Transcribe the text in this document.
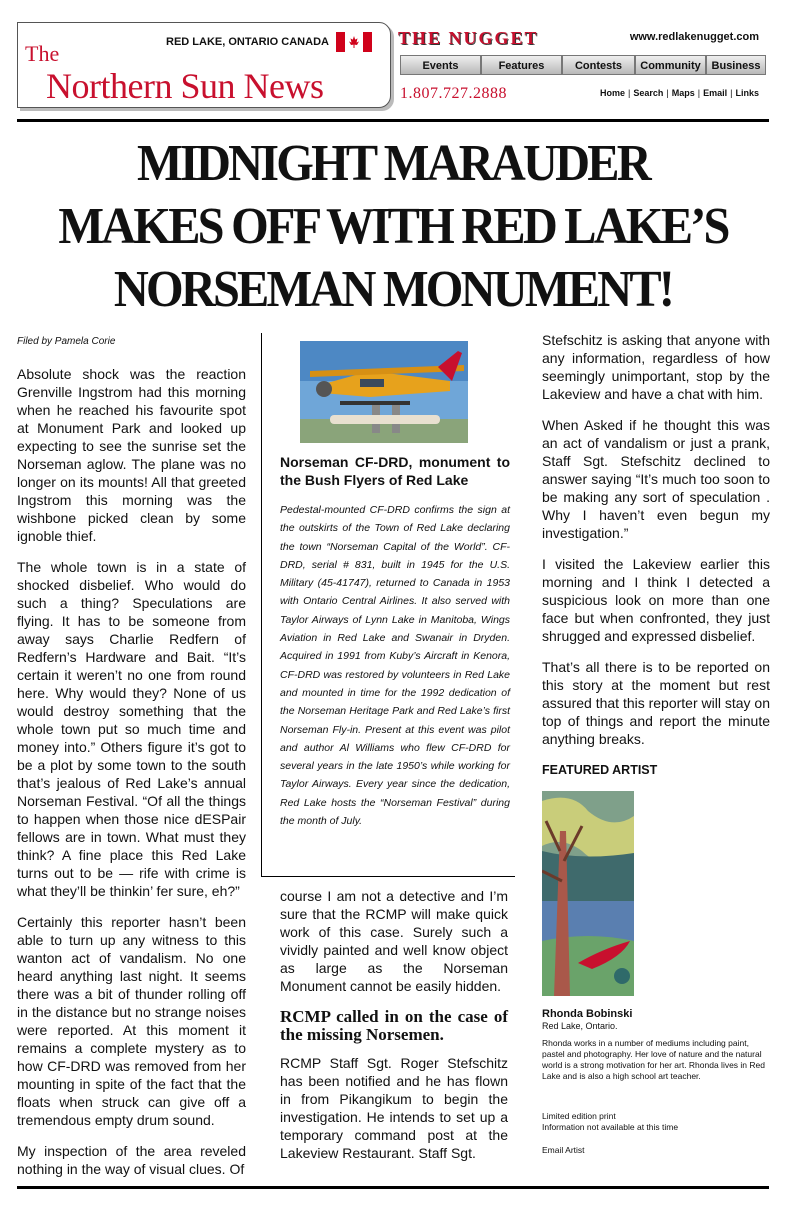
RED LAKE, ONTARIO CANADA
The
Northern Sun News
THE NUGGET	www.redlakenugget.com
Events	Features	Contests	Community Business
1.807.727.2888	Home | Search | Maps | Email | Links
MIDNIGHT MARAUDER
MAKES OFF WITH RED LAKE’S
NORSEMAN MONUMENT!

Filed by Pamela Corie

Absolute shock was the reaction Grenville Ingstrom had this morning when he reached his favourite spot at Monument Park and looked up expecting to see the sunrise set the Norseman aglow. The plane was no longer on its mounts! All that greeted Ingstrom this morning was the wishbone picked clean by some ignoble thief.

The whole town is in a state of shocked disbelief. Who would do such a thing? Speculations are flying. It has to be someone from away says Charlie Redfern of Redfern’s Hardware and Bait. “It’s certain it weren’t no one from round here. Why would they? None of us would destroy something that the whole town put so much time and money into.” Others figure it’s got to be a plot by some town to the south that’s jealous of Red Lake’s annual Norseman Festival. “Of all the things to happen when those nice dESPair fellows are in town. What must they think? A fine place this Red Lake turns out to be — rife with crime is what they’ll be thinkin’ fer sure, eh?”

Certainly this reporter hasn’t been able to turn up any witness to this wanton act of vandalism. No one heard anything last night. It seems there was a bit of thunder rolling off in the distance but no strange noises were reported. At this moment it remains a complete mystery as to how CF-DRD was removed from her mounting in spite of the fact that the floats when struck can give off a tremendous empty drum sound.

My inspection of the area reveled nothing in the way of visual clues. Of

Norseman CF-DRD, monument to the Bush Flyers of Red Lake
Pedestal-mounted CF-DRD confirms the sign at the outskirts of the Town of Red Lake declaring the town “Norseman Capital of the World”. CF-DRD, serial # 831, built in 1945 for the U.S. Military (45-41747), returned to Canada in 1953 with Ontario Central Airlines. It also served with Taylor Airways of Lynn Lake in Manitoba, Wings Aviation in Red Lake and Swanair in Dryden. Acquired in 1991 from Kuby’s Aircraft in Kenora, CF-DRD was restored by volunteers in Red Lake and mounted in time for the 1992 dedication of the Norseman Heritage Park and Red Lake’s first Norseman Fly-in. Present at this event was pilot and author Al Williams who flew CF-DRD for several years in the late 1950’s while working for Taylor Airways. Every year since the dedication, Red Lake hosts the “Norseman Festival” during the month of July.

course I am not a detective and I’m sure that the RCMP will make quick work of this case. Surely such a vividly painted and well know object as large as the Norseman Monument cannot be easily hidden.

RCMP called in on the case of the missing Norsemen.

RCMP Staff Sgt. Roger Stefschitz has been notified and he has flown in from Pikangikum to begin the investigation. He intends to set up a temporary command post at the Lakeview Restaurant. Staff Sgt.

Stefschitz is asking that anyone with any information, regardless of how seemingly unimportant, stop by the Lakeview and have a chat with him.

When Asked if he thought this was an act of vandalism or just a prank, Staff Sgt. Stefschitz declined to answer saying “It’s much too soon to be making any sort of speculation . Why I haven’t even begun my investigation.”

I visited the Lakeview earlier this morning and I think I detected a suspicious look on more than one face but when confronted, they just shrugged and expressed disbelief.

That’s all there is to be reported on this story at the moment but rest assured that this reporter will stay on top of things and report the minute anything breaks.

FEATURED ARTIST

Rhonda Bobinski
Red Lake, Ontario.
Rhonda works in a number of mediums including paint, pastel and photography. Her love of nature and the natural world is a strong motivation for her art. Rhonda lives in Red Lake and is also a high school art teacher.
Limited edition print
Information not available at this time
Email Artist
